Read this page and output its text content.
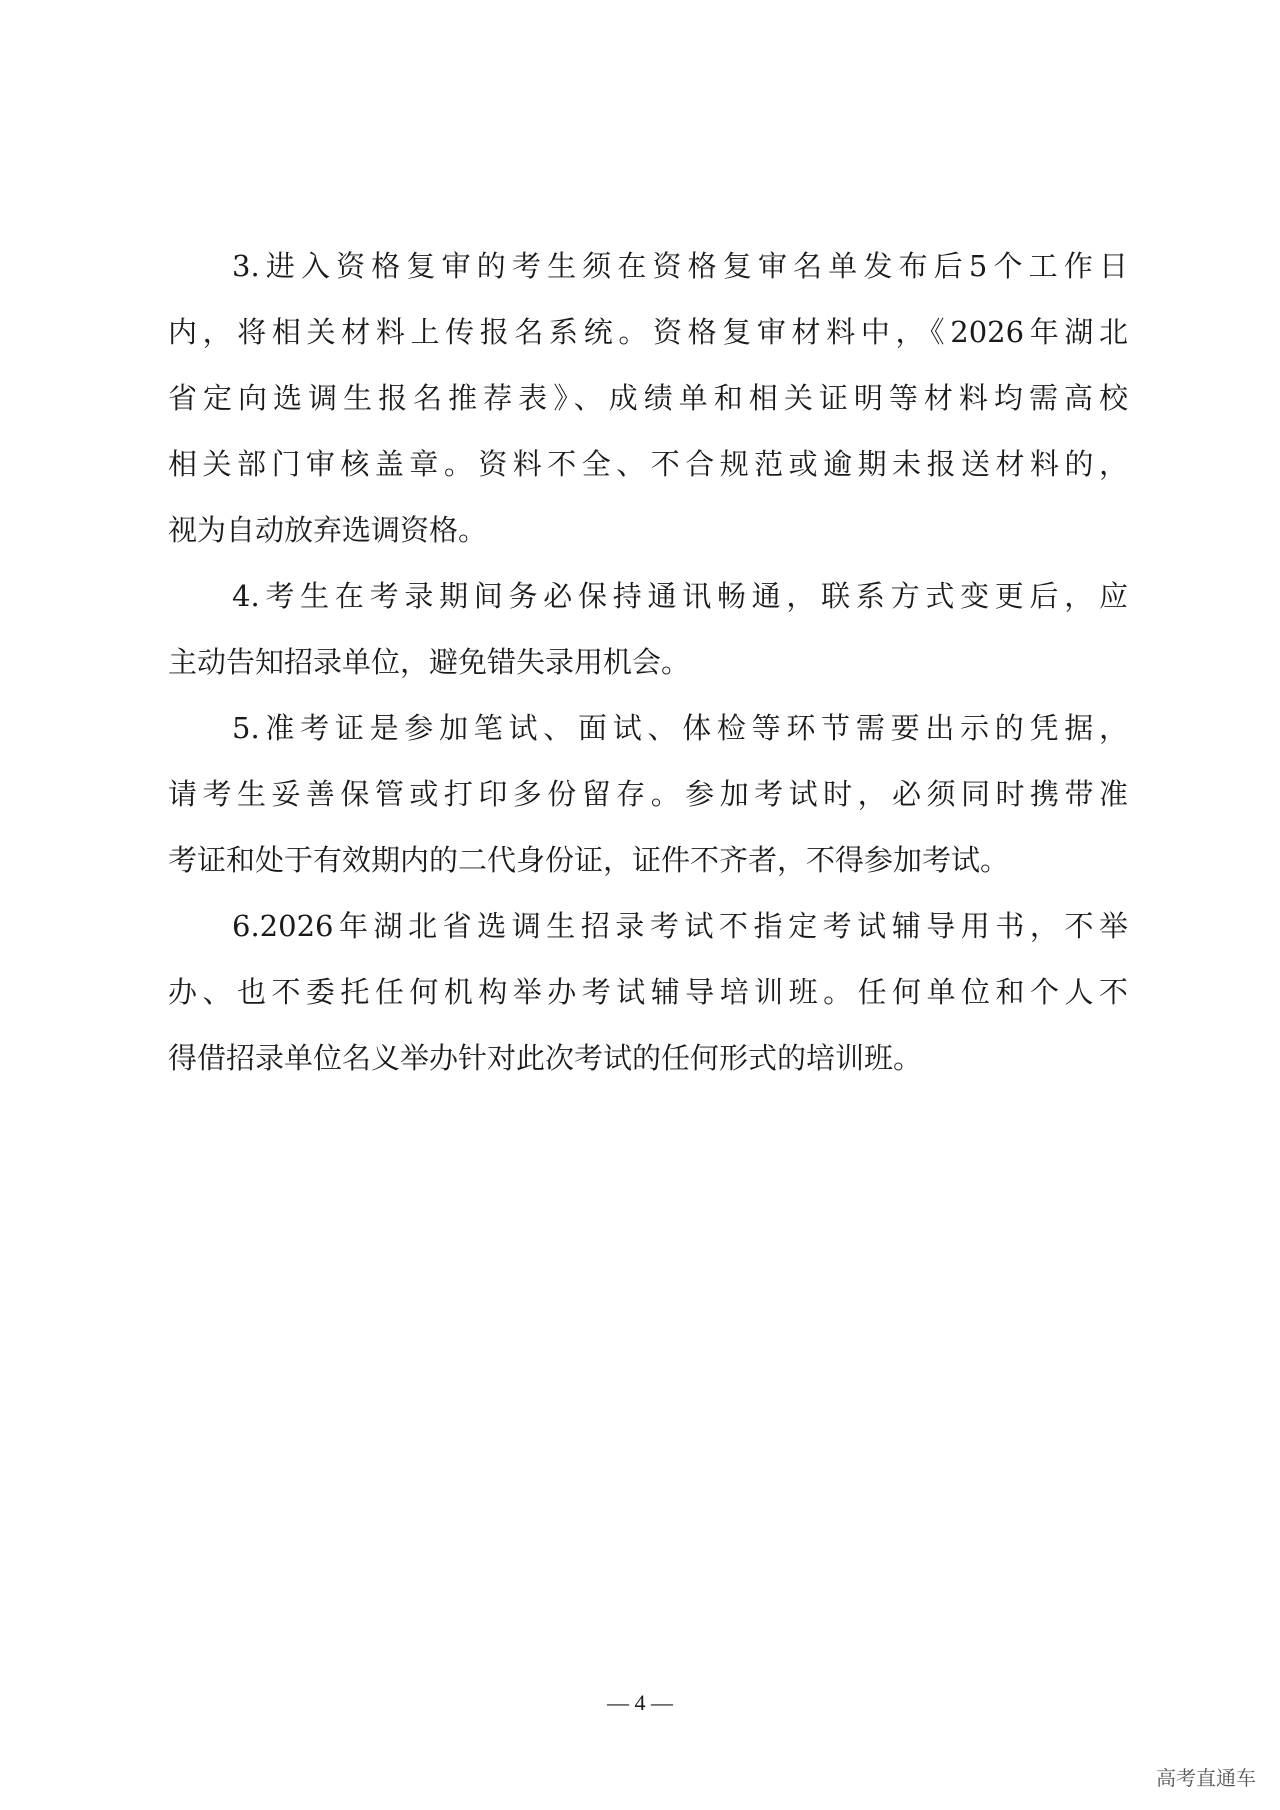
3.进入资格复审的考生须在资格复审名单发布后5个工作日
内，将相关材料上传报名系统。资格复审材料中，《2026年湖北
省定向选调生报名推荐表》、成绩单和相关证明等材料均需高校
相关部门审核盖章。资料不全、不合规范或逾期未报送材料的，
视为自动放弃选调资格。
4.考生在考录期间务必保持通讯畅通，联系方式变更后，应
主动告知招录单位，避免错失录用机会。
5.准考证是参加笔试、面试、体检等环节需要出示的凭据，
请考生妥善保管或打印多份留存。参加考试时，必须同时携带准
考证和处于有效期内的二代身份证，证件不齐者，不得参加考试。
6.2026年湖北省选调生招录考试不指定考试辅导用书，不举
办、也不委托任何机构举办考试辅导培训班。任何单位和个人不
得借招录单位名义举办针对此次考试的任何形式的培训班。
— 4 —
高考直通车
